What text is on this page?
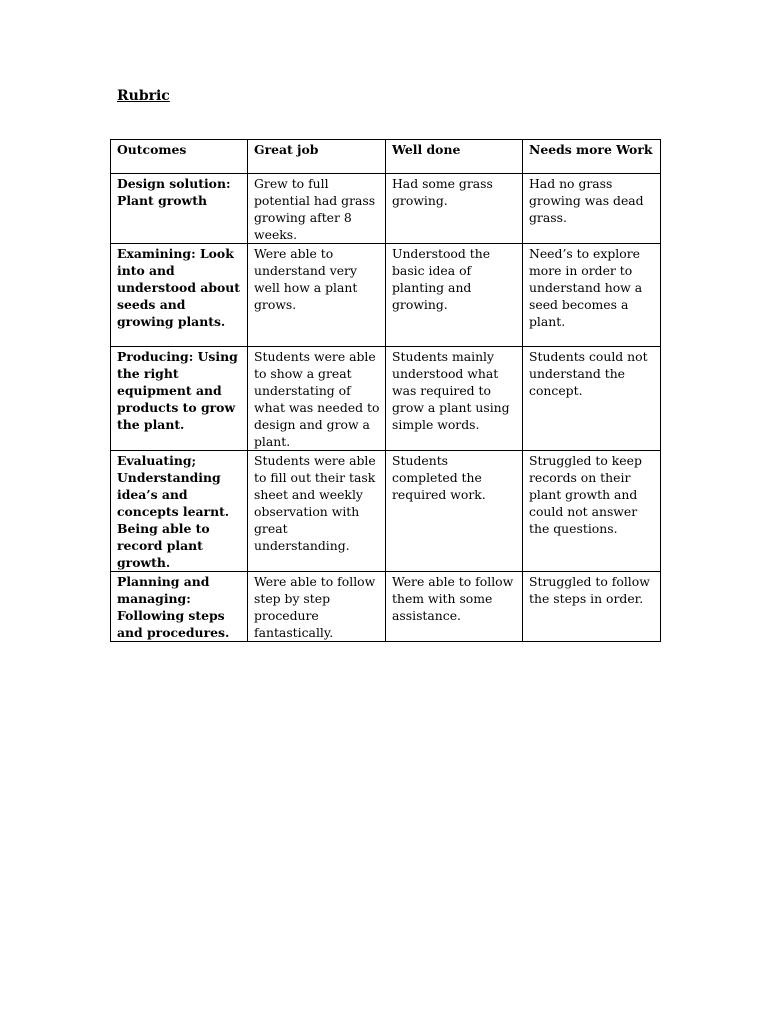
Rubric
Outcomes	Great job	Well done	Needs more Work
Design solution: Plant growth	Grew to full potential had grass growing after 8 weeks.	Had some grass growing.	Had no grass growing was dead grass.
Examining: Look into and understood about seeds and growing plants.	Were able to understand very well how a plant grows.	Understood the basic idea of planting and growing.	Need’s to explore more in order to understand how a seed becomes a plant.
Producing: Using the right equipment and products to grow the plant.	Students were able to show a great understating of what was needed to design and grow a plant.	Students mainly understood what was required to grow a plant using simple words.	Students could not understand the concept.
Evaluating; Understanding idea’s and concepts learnt. Being able to record plant growth.	Students were able to fill out their task sheet and weekly observation with great understanding.	Students completed the required work.	Struggled to keep records on their plant growth and could not answer the questions.
Planning and managing: Following steps and procedures.	Were able to follow step by step procedure fantastically.	Were able to follow them with some assistance.	Struggled to follow the steps in order.
